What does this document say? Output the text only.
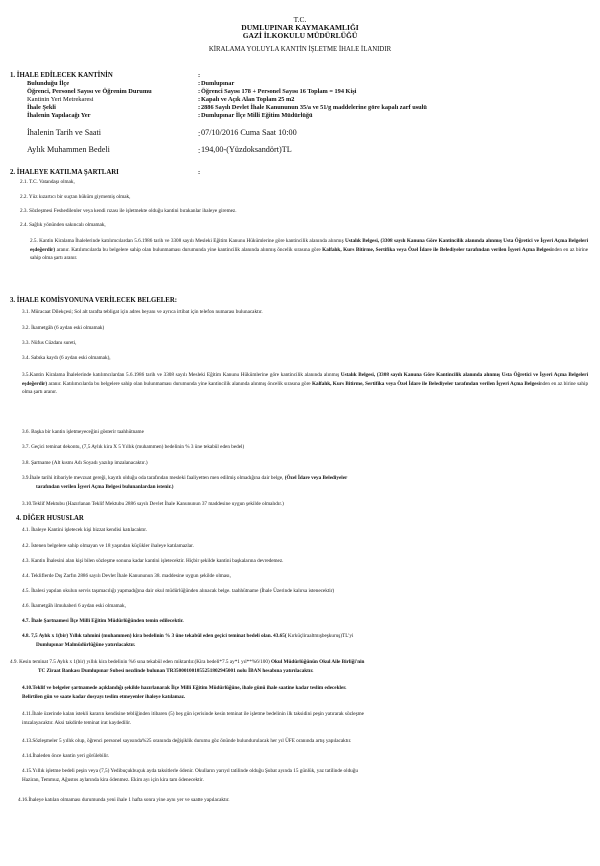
T.C.
DUMLUPINAR KAYMAKAMLIĞI
GAZİ İLKOKULU MÜDÜRLÜĞÜ
KİRALAMA YOLUYLA KANTİN İŞLETME İHALE İLANIDIR
1. İHALE EDİLECEK KANTİNİN	:
Bulunduğu İlçe	: Dumlupınar
Öğrenci, Personel Sayısı ve Öğrenim Durumu	: Öğrenci Sayısı 178 + Personel Sayısı 16 Toplam = 194 Kişi
Kantinin Yeri Metrekaresi	: Kapalı ve Açık Alan Toplam 25 m2
İhale Şekli	: 2886 Sayılı Devlet İhale Kanununun 35/a ve 51/g maddelerine göre kapalı zarf usulü
İhalenin Yapılacağı Yer	: Dumlupınar İlçe Milli Eğitim Müdürlüğü
İhalenin Tarih ve Saati	: 07/10/2016 Cuma Saat 10:00
Aylık Muhammen Bedeli	: 194,00-(Yüzdoksandört)TL
2. İHALEYE KATILMA ŞARTLARI	:
2.1. T.C. Vatandaşı olmak,
2.2. Yüz kızartıcı bir suçtan hüküm giymemiş olmak,
2.3. Sözleşmesi Feshedilenler veya kendi rızası ile işletmekte olduğu kantini bırakanlar ihaleye giremez.
2.4. Sağlık yönünden sakıncalı olmamak,
2.5. Kantin Kiralama İhalelerinde katılımcılardan 5.6.1986 tarih ve 3308 sayılı Mesleki Eğitim Kanunu Hükümlerine göre kantincilik alanında alınmış Ustalık Belgesi, (3308 sayılı Kanuna Göre Kantincilik alanında alınmış Usta Öğretici ve İşyeri Açma Belgeleri eşdeğerdir) aranır. Katılımcılarda bu belgelere sahip olan bulunmaması durumunda yine kantincilik alanında alınmış öncelik sırasına göre Kalfalık, Kurs Bitirme, Sertifika veya Özel İdare ile Belediyeler tarafından verilen İşyeri Açma Belgesinden en az birine sahip olma şartı aranır.
3. İHALE KOMİSYONUNA VERİLECEK BELGELER:
3.1. Müracaat Dilekçesi; Sol alt tarafta tebligat için adres beyanı ve ayrıca irtibat için telefon numarası bulunacaktır.
3.2. İkametgâh (6 aydan eski olmamak)
3.3. Nüfus Cüzdanı sureti,
3.4. Sabıka kaydı (6 aydan eski olmamak),
3.5.Kantin Kiralama İhalelerinde katılımcılardan 5.6.1986 tarih ve 3308 sayılı Mesleki Eğitim Kanunu Hükümlerine göre kantincilik alanında alınmış Ustalık Belgesi, (3308 sayılı Kanuna Göre Kantincilik alanında alınmış Usta Öğretici ve İşyeri Açma Belgeleri eşdeğerdir) aranır. Katılımcılarda bu belgelere sahip olan bulunmaması durumunda yine kantincilik alanında alınmış öncelik sırasına göre Kalfalık, Kurs Bitirme, Sertifika veya Özel İdare ile Belediyeler tarafından verilen İşyeri Açma Belgesinden en az birine sahip olma şartı aranır.
3.6. Başka bir kantin işletmeyeceğini gösterir taahhütname
3.7. Geçici teminat dekontu, (7,5 Aylık kira X 5 Yıllık (muhammen) bedelinin % 3 üne tekabül eden bedel)
3.8. Şartname (Alt kısmı Adı Soyadı yazılıp imzalanacaktır.)
3.9.İhale tarihi itibariyle mevzuat gereği, kayıtlı olduğu oda tarafından mesleki faaliyetten men edilmiş olmadığına dair belge, (Özel İdare veya Belediyeler
tarafından verilen İşyeri Açma Belgesi bulunanlardan istenir.)
3.10.Teklif Mektubu (Hazırlanan Teklif Mektubu 2886 sayılı Devlet İhale Kanununun 37 maddesine uygun şekilde olmalıdır.)
4. DİĞER HUSUSLAR
4.1. İhaleye Kantini işletecek kişi bizzat kendisi katılacaktır.
4.2. İstenen belgelere sahip olmayan ve 18 yaşından küçükler ihaleye katılamazlar.
4.3. Kantin İhalesini alan kişi bilen sözleşme sonuna kadar kantini işletecektir. Hiçbir şekilde kantini başkalarına devredemez.
4.4. Tekliflerde Dış Zarfın 2886 sayılı Devlet İhale Kanununun 38. maddesine uygun şekilde olması,
4.5. İhalesi yapılan okulun servis taşımacılığı yapmadığına dair okul müdürlüğünden alınacak belge. taahhütname (İhale Üzerinde kalırsa istenecektir)
4.6. İkametgâh ilmuhaberi 6 aydan eski olmamak,
4.7. İhale Şartnamesi İlçe Milli Eğitim Müdürlüğünden temin edilecektir.
4.8. 7,5 Aylık x 1(bir) Yıllık tahmini (muhammen) kira bedelinin % 3 üne tekabül eden geçici teminat bedeli olan. 43.65( Kırküçliraaltmışbeşkuruş)TL'yi
Dumlupınar Malmüdürlüğüne yatırılacaktır.
4.9. Kesin teminat 7.5 Aylık x 1(bir) yıllık kira bedelinin %6 sına tekabül eden miktardır.(Kira bedeli*7.5 ay*1 yıl**%6/100) Okul Müdürlüğünün Okul Aile Birliği'nin
TC Ziraat Bankası Dumlupınar Subesi nezdinde bulunan TR350001001055251802945001 nolu İBAN hesabına yatırılacaktır.
4.10.Teklif ve belgeler şartnamede açıklandığı şekilde hazırlanarak İlçe Milli Eğitim Müdürlüğüne, ihale günü ihale saatine kadar teslim edecekler.
Belirtilen gün ve saate kadar dosyayı teslim etmeyenler ihaleye katılamaz.
4.11.İhale üzerinde kalan istekli kararın kendisine tebliğinden itibaren (5) beş gün içerisinde kesin teminat ile işletme bedelinin ilk taksidini peşin yatırarak sözleşme
imzalayacaktır. Aksi takdirde teminat irat kaydedilir.
4.13.Sözleşmeler 5 yıllık olup, öğrenci personel sayısında%25 oranında değişiklik durumu göz önünde bulundurulacak her yıl ÜFE oranında artış yapılacaktır.
4.14.İhaleden önce kantin yeri görülebilir.
4.15.Yıllık işletme bedeli peşin veya (7,5) Yedibuçukbuçuk ayda taksitlerle ödenir. Okulların yarıyıl tatilinde olduğu Şubat ayında 15 günlük, yaz tatilinde olduğu
Haziran, Temmuz, Ağustos aylarında kira ödenmez. Ekim ayı için kira tam ödenecektir.
4.16.İhaleye katılan olmaması durumunda yeni ihale 1 hafta sonra yine aynı yer ve saatte yapılacaktır.
